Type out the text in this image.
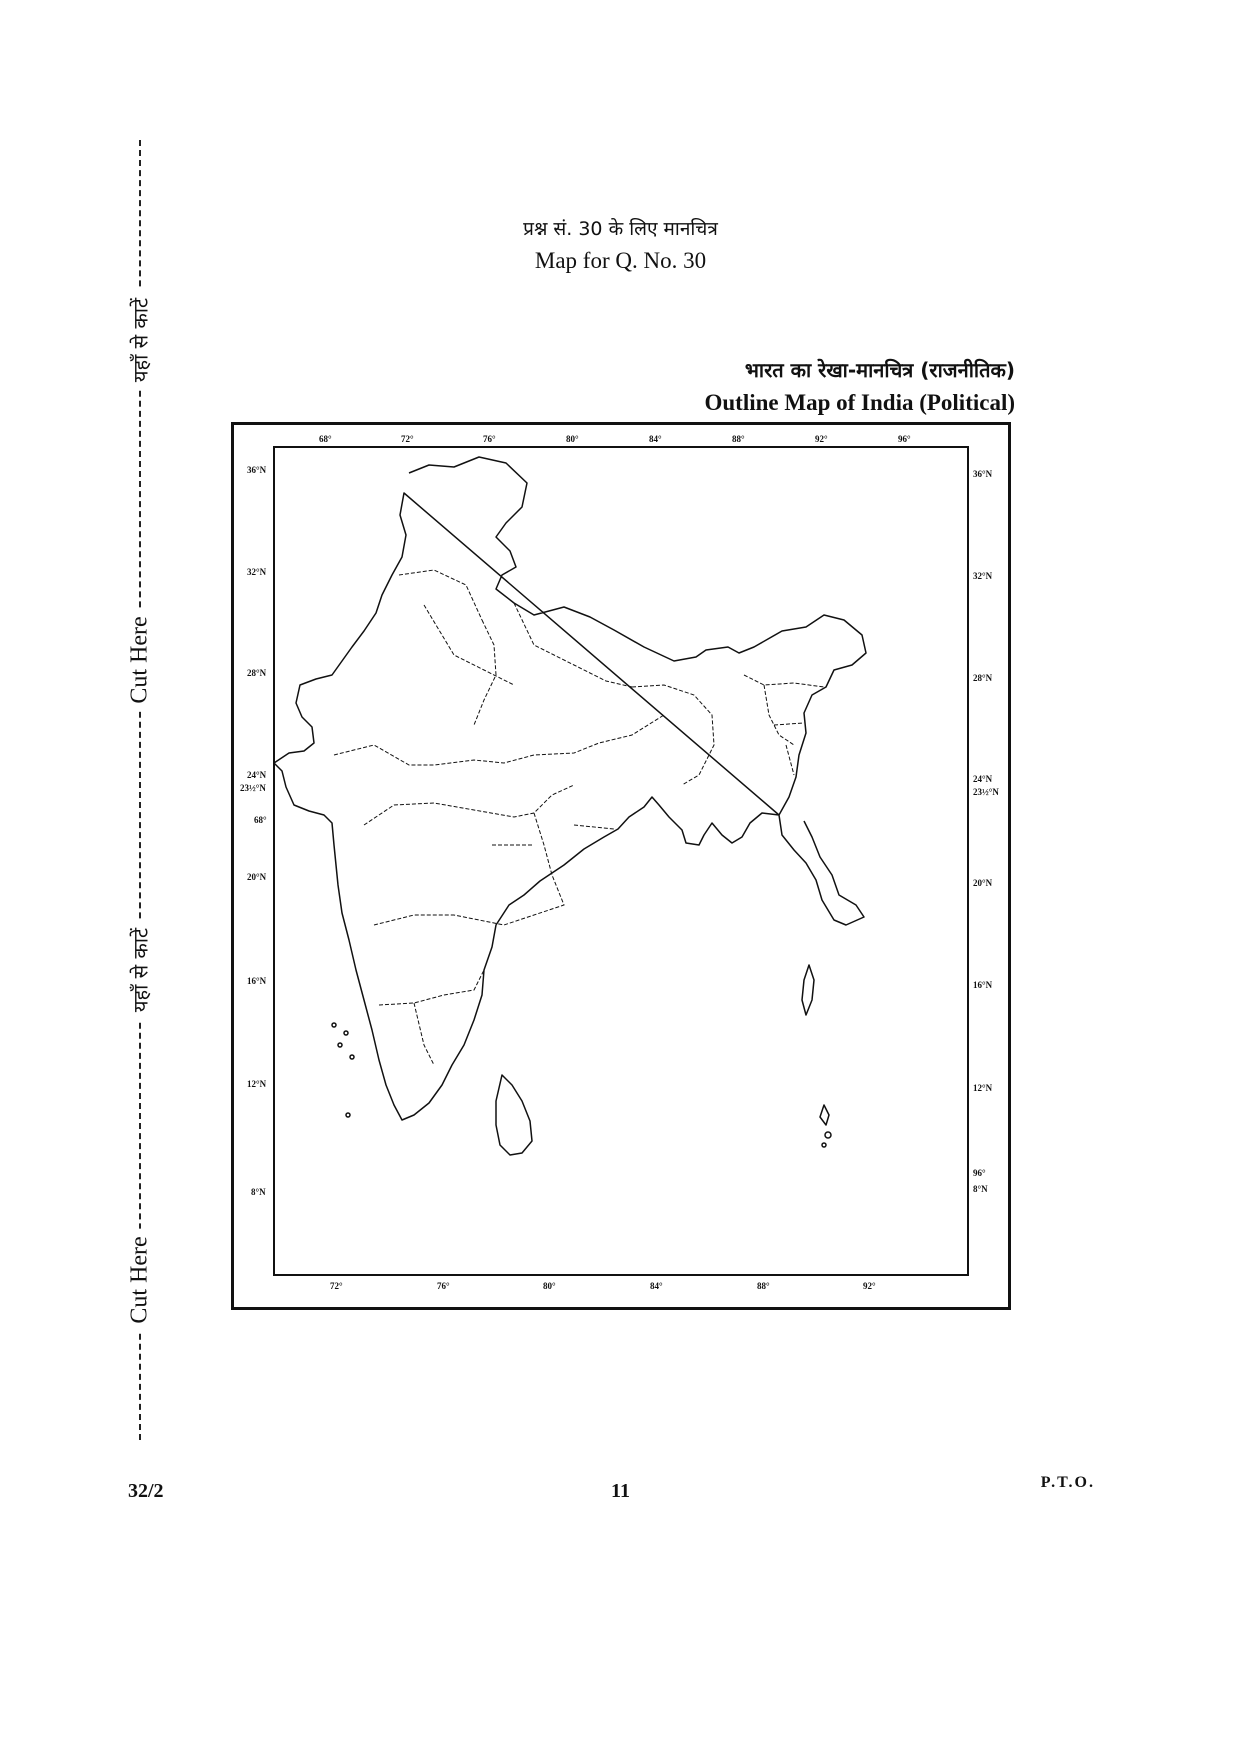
यहाँ से काटें
Cut Here
यहाँ से काटें
Cut Here
प्रश्न सं. 30 के लिए मानचित्र
Map for Q. No. 30
भारत का रेखा-मानचित्र (राजनीतिक)
Outline Map of India (Political)
68°	72°	76°	80°	84°	88°	92°	96°
72°	76°	80°	84°	88°	92°
36°N
32°N
28°N
24°N
23½°N
68°
20°N
16°N
12°N
8°N
36°N
32°N
28°N
24°N
23½°N
20°N
16°N
12°N
96°
8°N
32/2	11	P.T.O.
